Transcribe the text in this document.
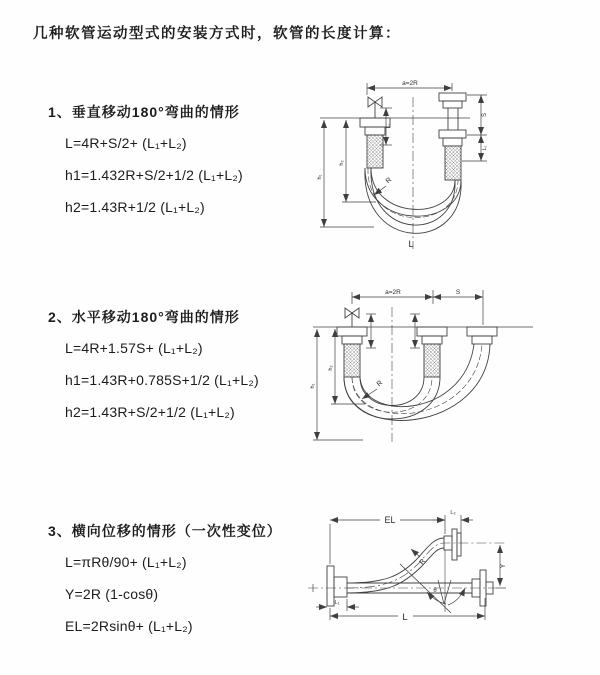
几种软管运动型式的安装方式时，软管的长度计算：

1、垂直移动180°弯曲的情形

L=4R+S/2+ (L₁+L₂)

h1=1.432R+S/2+1/2 (L₁+L₂)

h2=1.43R+1/2 (L₁+L₂)

2、水平移动180°弯曲的情形

L=4R+1.57S+ (L₁+L₂)

h1=1.43R+0.785S+1/2 (L₁+L₂)

h2=1.43R+S/2+1/2 (L₁+L₂)

3、横向位移的情形（一次性变位）

L=πRθ/90+ (L₁+L₂)

Y=2R (1-cosθ)

EL=2Rsinθ+ (L₁+L₂)

a=2R
S
L₂
L₁
h₁
h₂
R
L
a=2R	S
h₁
h₂
R
EL
L₂
Y
R
θ
L
L₁
